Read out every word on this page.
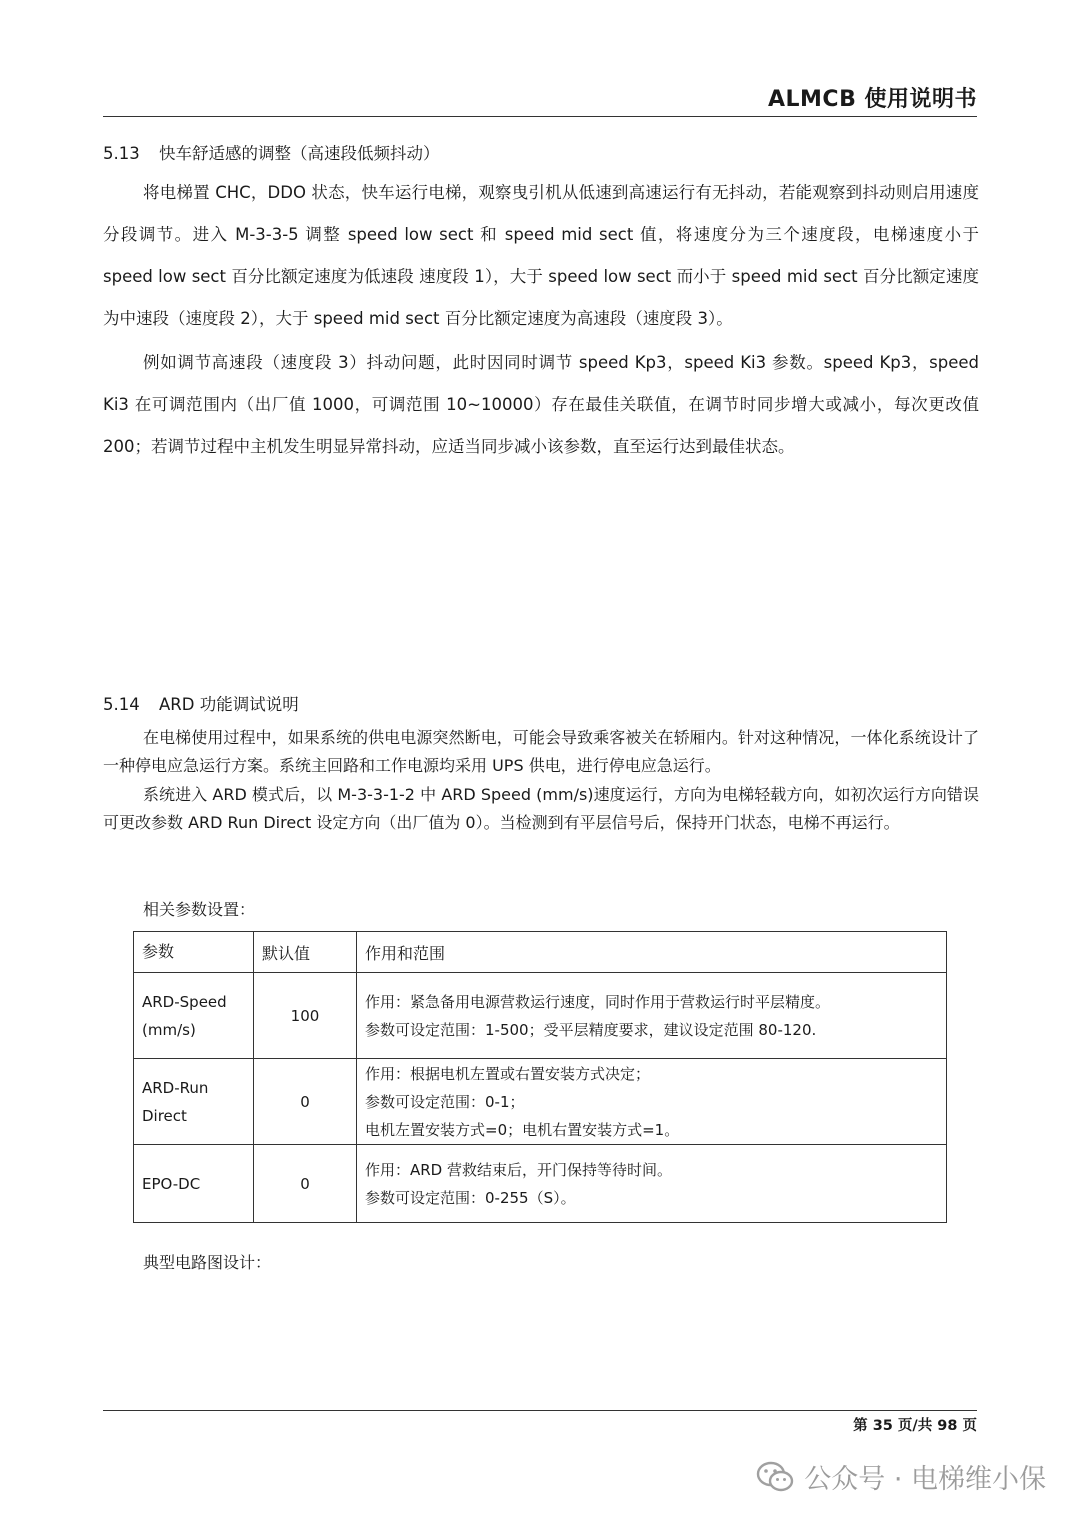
ALMCB 使用说明书
5.13 快车舒适感的调整（高速段低频抖动）

将电梯置 CHC，DDO 状态，快车运行电梯，观察曳引机从低速到高速运行有无抖动，若能观察到抖动则启用速度分段调节。进入 M-3-3-5 调整 speed low sect 和 speed mid sect 值，将速度分为三个速度段，电梯速度小于 speed low sect 百分比额定速度为低速段 速度段 1），大于 speed low sect 而小于 speed mid sect 百分比额定速度为中速段（速度段 2），大于 speed mid sect 百分比额定速度为高速段（速度段 3）。

例如调节高速段（速度段 3）抖动问题，此时因同时调节 speed Kp3，speed Ki3 参数。speed Kp3，speed Ki3 在可调范围内（出厂值 1000，可调范围 10~10000）存在最佳关联值，在调节时同步增大或减小，每次更改值 200；若调节过程中主机发生明显异常抖动，应适当同步减小该参数，直至运行达到最佳状态。

5.14 ARD 功能调试说明

在电梯使用过程中，如果系统的供电电源突然断电，可能会导致乘客被关在轿厢内。针对这种情况，一体化系统设计了一种停电应急运行方案。系统主回路和工作电源均采用 UPS 供电，进行停电应急运行。

系统进入 ARD 模式后，以 M-3-3-1-2 中 ARD Speed (mm/s)速度运行，方向为电梯轻载方向，如初次运行方向错误可更改参数 ARD Run Direct 设定方向（出厂值为 0）。当检测到有平层信号后，保持开门状态，电梯不再运行。

相关参数设置：
参数	默认值	作用和范围
ARD-Speed (mm/s)	100	作用：紧急备用电源营救运行速度，同时作用于营救运行时平层精度。
参数可设定范围：1-500；受平层精度要求，建议设定范围 80-120.

ARD-Run Direct	0	作用：根据电机左置或右置安装方式决定；
参数可设定范围：0-1；
电机左置安装方式=0；电机右置安装方式=1。

EPO-DC	0	作用：ARD 营救结束后，开门保持等待时间。
参数可设定范围：0-255（S）。
典型电路图设计：
第 35 页/共 98 页
公众号 · 电梯维小保
